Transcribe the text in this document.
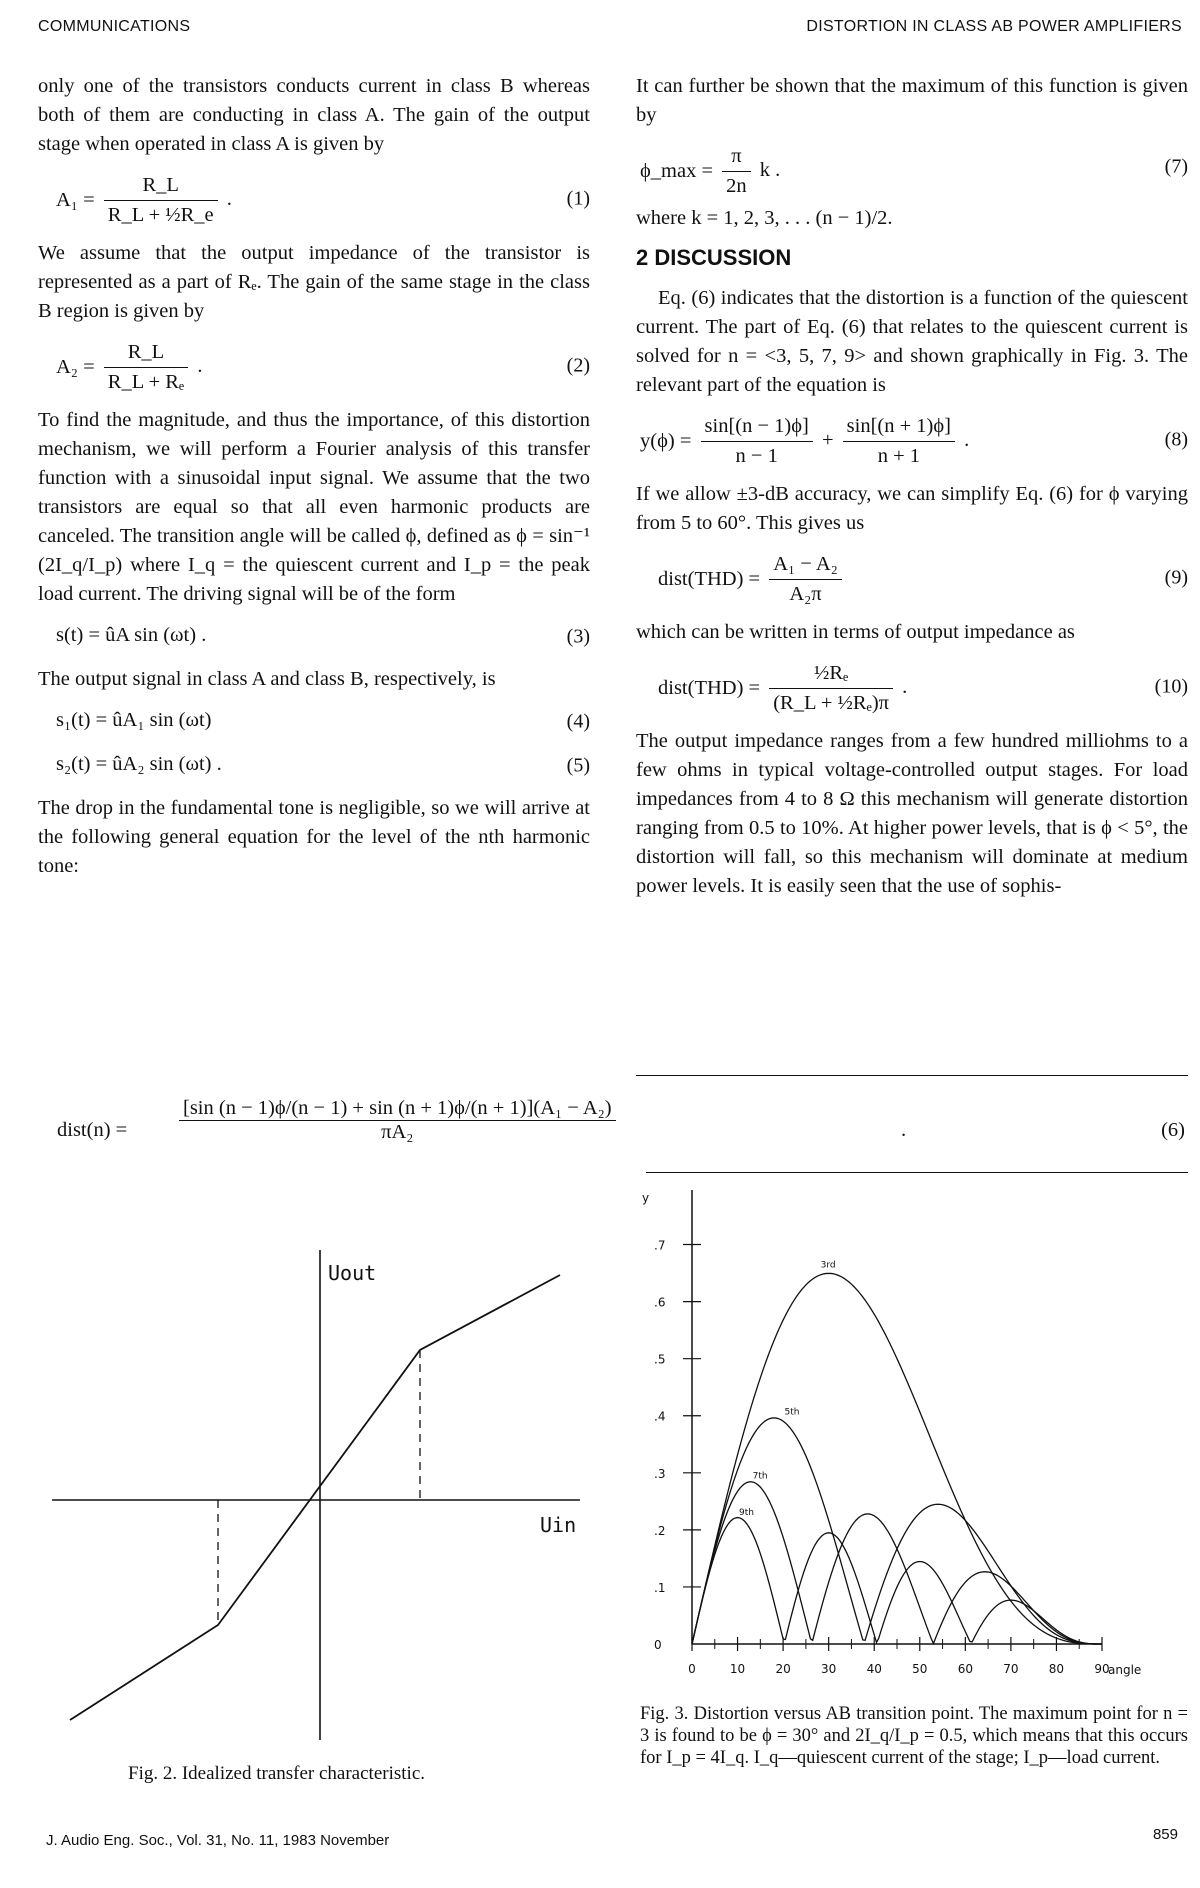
COMMUNICATIONS	DISTORTION IN CLASS AB POWER AMPLIFIERS

only one of the transistors conducts current in class B whereas both of them are conducting in class A. The gain of the output stage when operated in class A is given by

$A_1 = \frac{R\_L}{\text{R\_L + ½R\_e}}$ .	(1)

We assume that the output impedance of the transistor is represented as a part of Rₑ. The gain of the same stage in the class B region is given by

$A_2 = \frac{R\_L}{\text{R\_L + Rₑ}}$ .	(2)

To find the magnitude, and thus the importance, of this distortion mechanism, we will perform a Fourier analysis of this transfer function with a sinusoidal input signal. We assume that the two transistors are equal so that all even harmonic products are canceled. The transition angle will be called ϕ, defined as ϕ = sin⁻¹ (2I_q/I_p) where I_q = the quiescent current and I_p = the peak load current. The driving signal will be of the form

s(t) = ûA sin (ωt) .	(3)

The output signal in class A and class B, respectively, is

s₁(t) = ûA₁ sin (ωt)	(4)
s₂(t) = ûA₂ sin (ωt) .	(5)

The drop in the fundamental tone is negligible, so we will arrive at the following general equation for the level of the nth harmonic tone:

It can further be shown that the maximum of this function is given by

ϕ_max = $\frac{\pi}{2n}$ k .	(7)

where k = 1, 2, 3, . . . (n − 1)/2.

2 DISCUSSION

Eq. (6) indicates that the distortion is a function of the quiescent current. The part of Eq. (6) that relates to the quiescent current is solved for n = <3, 5, 7, 9> and shown graphically in Fig. 3. The relevant part of the equation is

$y(\phi) = \frac{\sin[(n - 1)\phi]}{n - 1} + \frac{\sin[(n + 1)\phi]}{n + 1}$ .	(8)

If we allow ±3-dB accuracy, we can simplify Eq. (6) for ϕ varying from 5 to 60°. This gives us

dist(THD) = $\frac{\text{A₁ − A₂}}{\text{A₂π}}$	(9)

which can be written in terms of output impedance as

dist(THD) = $\frac{\text{½Rₑ}}{\text{(R\_L + ½Rₑ)π}}$ .	(10)

The output impedance ranges from a few hundred milliohms to a few ohms in typical voltage-controlled output stages. For load impedances from 4 to 8 Ω this mechanism will generate distortion ranging from 0.5 to 10%. At higher power levels, that is ϕ < 5°, the distortion will fall, so this mechanism will dominate at medium power levels. It is easily seen that the use of sophis-

dist(n) =	$\frac{\text{[sin (n − 1)ϕ/(n − 1) + sin (n + 1)ϕ/(n + 1)](A₁ − A₂)}}{\text{πA₂}}$	.	(6)
Uout
Uin
Fig. 2. Idealized transfer characteristic.
y
angle
0
0	10	20	30	40	50	60	70	80	90
.1
.2
.3
.4
.5
.6
.7
3rd
5th
7th
9th
Fig. 3. Distortion versus AB transition point. The maximum point for n = 3 is found to be ϕ = 30° and 2I_q/I_p = 0.5, which means that this occurs for I_p = 4I_q. I_q—quiescent current of the stage; I_p—load current.
J. Audio Eng. Soc., Vol. 31, No. 11, 1983 November	859
